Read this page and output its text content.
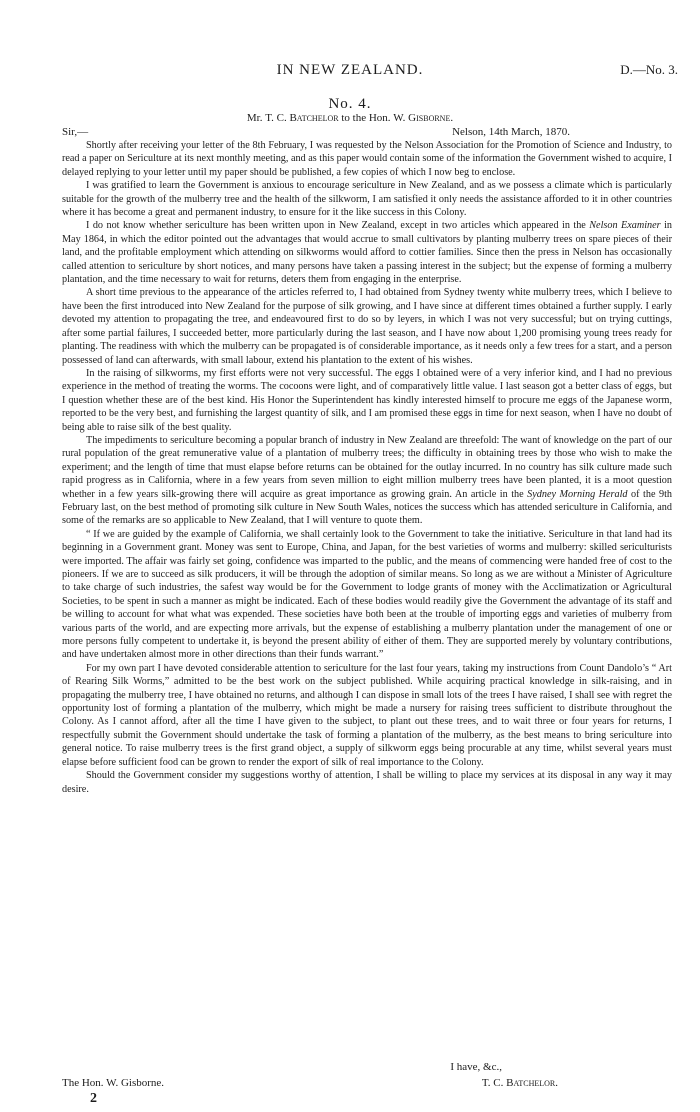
IN NEW ZEALAND.	D.—No. 3.
No. 4.
Mr. T. C. Batchelor to the Hon. W. Gisborne.
Sir,—	Nelson, 14th March, 1870.

Shortly after receiving your letter of the 8th February, I was requested by the Nelson Association for the Promotion of Science and Industry, to read a paper on Sericulture at its next monthly meeting, and as this paper would contain some of the information the Government wished to acquire, I delayed replying to your letter until my paper should be published, a few copies of which I now beg to enclose.

I was gratified to learn the Government is anxious to encourage sericulture in New Zealand, and as we possess a climate which is particularly suitable for the growth of the mulberry tree and the health of the silkworm, I am satisfied it only needs the assistance afforded to it in other countries where it has become a great and permanent industry, to ensure for it the like success in this Colony.

I do not know whether sericulture has been written upon in New Zealand, except in two articles which appeared in the Nelson Examiner in May 1864, in which the editor pointed out the advantages that would accrue to small cultivators by planting mulberry trees on spare pieces of their land, and the profitable employment which attending on silkworms would afford to cottier families. Since then the press in Nelson has occasionally called attention to sericulture by short notices, and many persons have taken a passing interest in the subject; but the expense of forming a mulberry plantation, and the time necessary to wait for returns, deters them from engaging in the enterprise.

A short time previous to the appearance of the articles referred to, I had obtained from Sydney twenty white mulberry trees, which I believe to have been the first introduced into New Zealand for the purpose of silk growing, and I have since at different times obtained a further supply. I early devoted my attention to propagating the tree, and endeavoured first to do so by leyers, in which I was not very successful; but on trying cuttings, after some partial failures, I succeeded better, more particularly during the last season, and I have now about 1,200 promising young trees ready for planting. The readiness with which the mulberry can be propagated is of considerable importance, as it needs only a few trees for a start, and a person possessed of land can afterwards, with small labour, extend his plantation to the extent of his wishes.

In the raising of silkworms, my first efforts were not very successful. The eggs I obtained were of a very inferior kind, and I had no previous experience in the method of treating the worms. The cocoons were light, and of comparatively little value. I last season got a better class of eggs, but I question whether these are of the best kind. His Honor the Superintendent has kindly interested himself to procure me eggs of the Japanese worm, reported to be the very best, and furnishing the largest quantity of silk, and I am promised these eggs in time for next season, when I have no doubt of being able to raise silk of the best quality.

The impediments to sericulture becoming a popular branch of industry in New Zealand are threefold: The want of knowledge on the part of our rural population of the great remunerative value of a plantation of mulberry trees; the difficulty in obtaining trees by those who wish to make the experiment; and the length of time that must elapse before returns can be obtained for the outlay incurred. In no country has silk culture made such rapid progress as in California, where in a few years from seven million to eight million mulberry trees have been planted, it is a moot question whether in a few years silk-growing there will acquire as great importance as growing grain. An article in the Sydney Morning Herald of the 9th February last, on the best method of promoting silk culture in New South Wales, notices the success which has attended sericulture in California, and some of the remarks are so applicable to New Zealand, that I will venture to quote them.

“ If we are guided by the example of California, we shall certainly look to the Government to take the initiative. Sericulture in that land had its beginning in a Government grant. Money was sent to Europe, China, and Japan, for the best varieties of worms and mulberry: skilled sericulturists were imported. The affair was fairly set going, confidence was imparted to the public, and the means of commencing were handed free of cost to the pioneers. If we are to succeed as silk producers, it will be through the adoption of similar means. So long as we are without a Minister of Agriculture to take charge of such industries, the safest way would be for the Government to lodge grants of money with the Acclimatization or Agricultural Societies, to be spent in such a manner as might be indicated. Each of these bodies would readily give the Government the advantage of its staff and be willing to account for what what was expended. These societies have both been at the trouble of importing eggs and varieties of mulberry from various parts of the world, and are expecting more arrivals, but the expense of establishing a mulberry plantation under the management of one or more persons fully competent to undertake it, is beyond the present ability of either of them. They are supported merely by voluntary contributions, and have undertaken almost more in other directions than their funds warrant.”

For my own part I have devoted considerable attention to sericulture for the last four years, taking my instructions from Count Dandolo’s “ Art of Rearing Silk Worms,” admitted to be the best work on the subject published. While acquiring practical knowledge in silk-raising, and in propagating the mulberry tree, I have obtained no returns, and although I can dispose in small lots of the trees I have raised, I shall see with regret the opportunity lost of forming a plantation of the mulberry, which might be made a nursery for raising trees sufficient to distribute throughout the Colony. As I cannot afford, after all the time I have given to the subject, to plant out these trees, and to wait three or four years for returns, I respectfully submit the Government should undertake the task of forming a plantation of the mulberry, as the best means to bring sericulture into general notice. To raise mulberry trees is the first grand object, a supply of silkworm eggs being procurable at any time, whilst several years must elapse before sufficient food can be grown to render the export of silk of real importance to the Colony.

Should the Government consider my suggestions worthy of attention, I shall be willing to place my services at its disposal in any way it may desire.

I have, &c.,
The Hon. W. Gisborne.	T. C. Batchelor.
2
